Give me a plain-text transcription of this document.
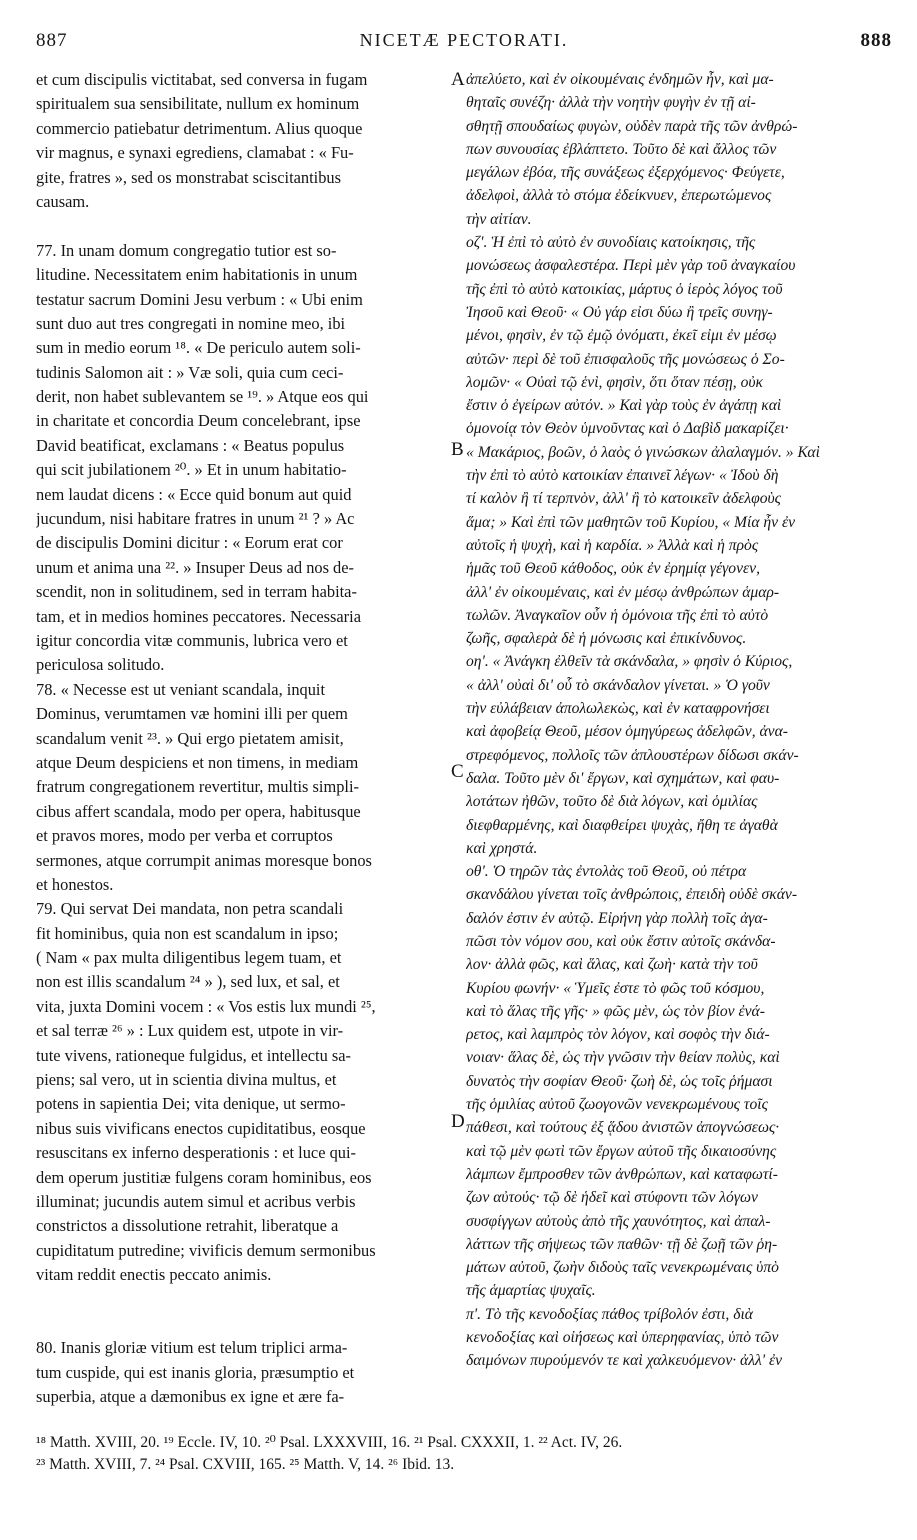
887	NICETÆ PECTORATI.	888
et cum discipulis victitabat, sed conversa in fugam
spiritualem sua sensibilitate, nullum ex hominum
commercio patiebatur detrimentum. Alius quoque
vir magnus, e synaxi egrediens, clamabat : « Fu-
gite, fratres », sed os monstrabat sciscitantibus
causam.
77. In unam domum congregatio tutior est so-
litudine. Necessitatem enim habitationis in unum
testatur sacrum Domini Jesu verbum : « Ubi enim
sunt duo aut tres congregati in nomine meo, ibi
sum in medio eorum ¹⁸. « De periculo autem soli-
tudinis Salomon ait : » Væ soli, quia cum ceci-
derit, non habet sublevantem se ¹⁹. » Atque eos qui
in charitate et concordia Deum concelebrant, ipse
David beatificat, exclamans : « Beatus populus
qui scit jubilationem ²⁰. » Et in unum habitatio-
nem laudat dicens : « Ecce quid bonum aut quid
jucundum, nisi habitare fratres in unum ²¹ ? » Ac
de discipulis Domini dicitur : « Eorum erat cor
unum et anima una ²². » Insuper Deus ad nos de-
scendit, non in solitudinem, sed in terram habita-
tam, et in medios homines peccatores. Necessaria
igitur concordia vitæ communis, lubrica vero et
periculosa solitudo.
78. « Necesse est ut veniant scandala, inquit
Dominus, verumtamen væ homini illi per quem
scandalum venit ²³. » Qui ergo pietatem amisit,
atque Deum despiciens et non timens, in mediam
fratrum congregationem revertitur, multis simpli-
cibus affert scandala, modo per opera, habitusque
et pravos mores, modo per verba et corruptos
sermones, atque corrumpit animas moresque bonos
et honestos.
79. Qui servat Dei mandata, non petra scandali
fit hominibus, quia non est scandalum in ipso;
( Nam « pax multa diligentibus legem tuam, et
non est illis scandalum ²⁴ » ), sed lux, et sal, et
vita, juxta Domini vocem : « Vos estis lux mundi ²⁵,
et sal terræ ²⁶ » : Lux quidem est, utpote in vir-
tute vivens, rationeque fulgidus, et intellectu sa-
piens; sal vero, ut in scientia divina multus, et
potens in sapientia Dei; vita denique, ut sermo-
nibus suis vivificans enectos cupiditatibus, eosque
resuscitans ex inferno desperationis : et luce qui-
dem operum justitiæ fulgens coram hominibus, eos
illuminat; jucundis autem simul et acribus verbis
constrictos a dissolutione retrahit, liberatque a
cupiditatum putredine; vivificis demum sermonibus
vitam reddit enectis peccato animis.
80. Inanis gloriæ vitium est telum triplici arma-
tum cuspide, qui est inanis gloria, præsumptio et
superbia, atque a dæmonibus ex igne et ære fa-
ἀπελύετο, καὶ ἐν οἰκουμέναις ἐνδημῶν ἦν, καὶ μα-
θηταῖς συνέζη· ἀλλὰ τὴν νοητὴν φυγὴν ἐν τῇ αἰ-
σθητῇ σπουδαίως φυγὼν, οὐδὲν παρὰ τῆς τῶν ἀνθρώ-
πων συνουσίας ἐβλάπτετο. Τοῦτο δὲ καὶ ἄλλος τῶν
μεγάλων ἐβόα, τῆς συνάξεως ἐξερχόμενος· Φεύγετε,
ἀδελφοὶ, ἀλλὰ τὸ στόμα ἐδείκνυεν, ἐπερωτώμενος
τὴν αἰτίαν.
οζ'. Ἡ ἐπὶ τὸ αὐτὸ ἐν συνοδίαις κατοίκησις, τῆς
μονώσεως ἀσφαλεστέρα. Περὶ μὲν γὰρ τοῦ ἀναγκαίου
τῆς ἐπὶ τὸ αὐτὸ κατοικίας, μάρτυς ὁ ἱερὸς λόγος τοῦ
Ἰησοῦ καὶ Θεοῦ· « Οὐ γάρ εἰσι δύω ἢ τρεῖς συνηγ-
μένοι, φησὶν, ἐν τῷ ἐμῷ ὀνόματι, ἐκεῖ εἰμι ἐν μέσῳ
αὐτῶν· περὶ δὲ τοῦ ἐπισφαλοῦς τῆς μονώσεως ὁ Σο-
λομῶν· « Οὐαὶ τῷ ἑνὶ, φησὶν, ὅτι ὅταν πέσῃ, οὐκ
ἔστιν ὁ ἐγείρων αὐτόν. » Καὶ γὰρ τοὺς ἐν ἀγάπῃ καὶ
ὁμονοίᾳ τὸν Θεὸν ὑμνοῦντας καὶ ὁ Δαβὶδ μακαρίζει·
« Μακάριος, βοῶν, ὁ λαὸς ὁ γινώσκων ἀλαλαγμόν. » Καὶ
τὴν ἐπὶ τὸ αὐτὸ κατοικίαν ἐπαινεῖ λέγων· « Ἰδοὺ δὴ
τί καλὸν ἢ τί τερπνὸν, ἀλλ' ἢ τὸ κατοικεῖν ἀδελφοὺς
ἅμα; » Καὶ ἐπὶ τῶν μαθητῶν τοῦ Κυρίου, « Μία ἦν ἐν
αὐτοῖς ἡ ψυχὴ, καὶ ἡ καρδία. » Ἀλλὰ καὶ ἡ πρὸς
ἡμᾶς τοῦ Θεοῦ κάθοδος, οὐκ ἐν ἐρημίᾳ γέγονεν,
ἀλλ' ἐν οἰκουμέναις, καὶ ἐν μέσῳ ἀνθρώπων ἁμαρ-
τωλῶν. Ἀναγκαῖον οὖν ἡ ὁμόνοια τῆς ἐπὶ τὸ αὐτὸ
ζωῆς, σφαλερὰ δὲ ἡ μόνωσις καὶ ἐπικίνδυνος.
οη'. « Ἀνάγκη ἐλθεῖν τὰ σκάνδαλα, » φησὶν ὁ Κύριος,
« ἀλλ' οὐαὶ δι' οὗ τὸ σκάνδαλον γίνεται. » Ὁ γοῦν
τὴν εὐλάβειαν ἀπολωλεκὼς, καὶ ἐν καταφρονήσει
καὶ ἀφοβείᾳ Θεοῦ, μέσον ὁμηγύρεως ἀδελφῶν, ἀνα-
στρεφόμενος, πολλοῖς τῶν ἁπλουστέρων δίδωσι σκάν-
δαλα. Τοῦτο μὲν δι' ἔργων, καὶ σχημάτων, καὶ φαυ-
λοτάτων ἠθῶν, τοῦτο δὲ διὰ λόγων, καὶ ὁμιλίας
διεφθαρμένης, καὶ διαφθείρει ψυχὰς, ἤθη τε ἀγαθὰ
καὶ χρηστά.
οθ'. Ὁ τηρῶν τὰς ἐντολὰς τοῦ Θεοῦ, οὐ πέτρα
σκανδάλου γίνεται τοῖς ἀνθρώποις, ἐπειδὴ οὐδὲ σκάν-
δαλόν ἐστιν ἐν αὐτῷ. Εἰρήνη γὰρ πολλὴ τοῖς ἀγα-
πῶσι τὸν νόμον σου, καὶ οὐκ ἔστιν αὐτοῖς σκάνδα-
λον· ἀλλὰ φῶς, καὶ ἅλας, καὶ ζωὴ· κατὰ τὴν τοῦ
Κυρίου φωνήν· « Ὑμεῖς ἐστε τὸ φῶς τοῦ κόσμου,
καὶ τὸ ἅλας τῆς γῆς· » φῶς μὲν, ὡς τὸν βίον ἐνά-
ρετος, καὶ λαμπρὸς τὸν λόγον, καὶ σοφὸς τὴν διά-
νοιαν· ἅλας δὲ, ὡς τὴν γνῶσιν τὴν θείαν πολὺς, καὶ
δυνατὸς τὴν σοφίαν Θεοῦ· ζωὴ δὲ, ὡς τοῖς ῥήμασι
τῆς ὁμιλίας αὐτοῦ ζωογονῶν νενεκρωμένους τοῖς
πάθεσι, καὶ τούτους ἐξ ᾅδου ἀνιστῶν ἀπογνώσεως·
καὶ τῷ μὲν φωτὶ τῶν ἔργων αὐτοῦ τῆς δικαιοσύνης
λάμπων ἔμπροσθεν τῶν ἀνθρώπων, καὶ καταφωτί-
ζων αὐτούς· τῷ δὲ ἡδεῖ καὶ στύφοντι τῶν λόγων
συσφίγγων αὐτοὺς ἀπὸ τῆς χαυνότητος, καὶ ἀπαλ-
λάττων τῆς σήψεως τῶν παθῶν· τῇ δὲ ζωῇ τῶν ῥη-
μάτων αὐτοῦ, ζωὴν διδοὺς ταῖς νενεκρωμέναις ὑπὸ
τῆς ἁμαρτίας ψυχαῖς.
π'. Τὸ τῆς κενοδοξίας πάθος τρίβολόν ἐστι, διὰ
κενοδοξίας καὶ οἰήσεως καὶ ὑπερηφανίας, ὑπὸ τῶν
δαιμόνων πυρούμενόν τε καὶ χαλκευόμενον· ἀλλ' ἐν
A
B
C
D
¹⁸ Matth. XVIII, 20. ¹⁹ Eccle. IV, 10. ²⁰ Psal. LXXXVIII, 16. ²¹ Psal. CXXXII, 1. ²² Act. IV, 26.
²³ Matth. XVIII, 7. ²⁴ Psal. CXVIII, 165. ²⁵ Matth. V, 14. ²⁶ Ibid. 13.
